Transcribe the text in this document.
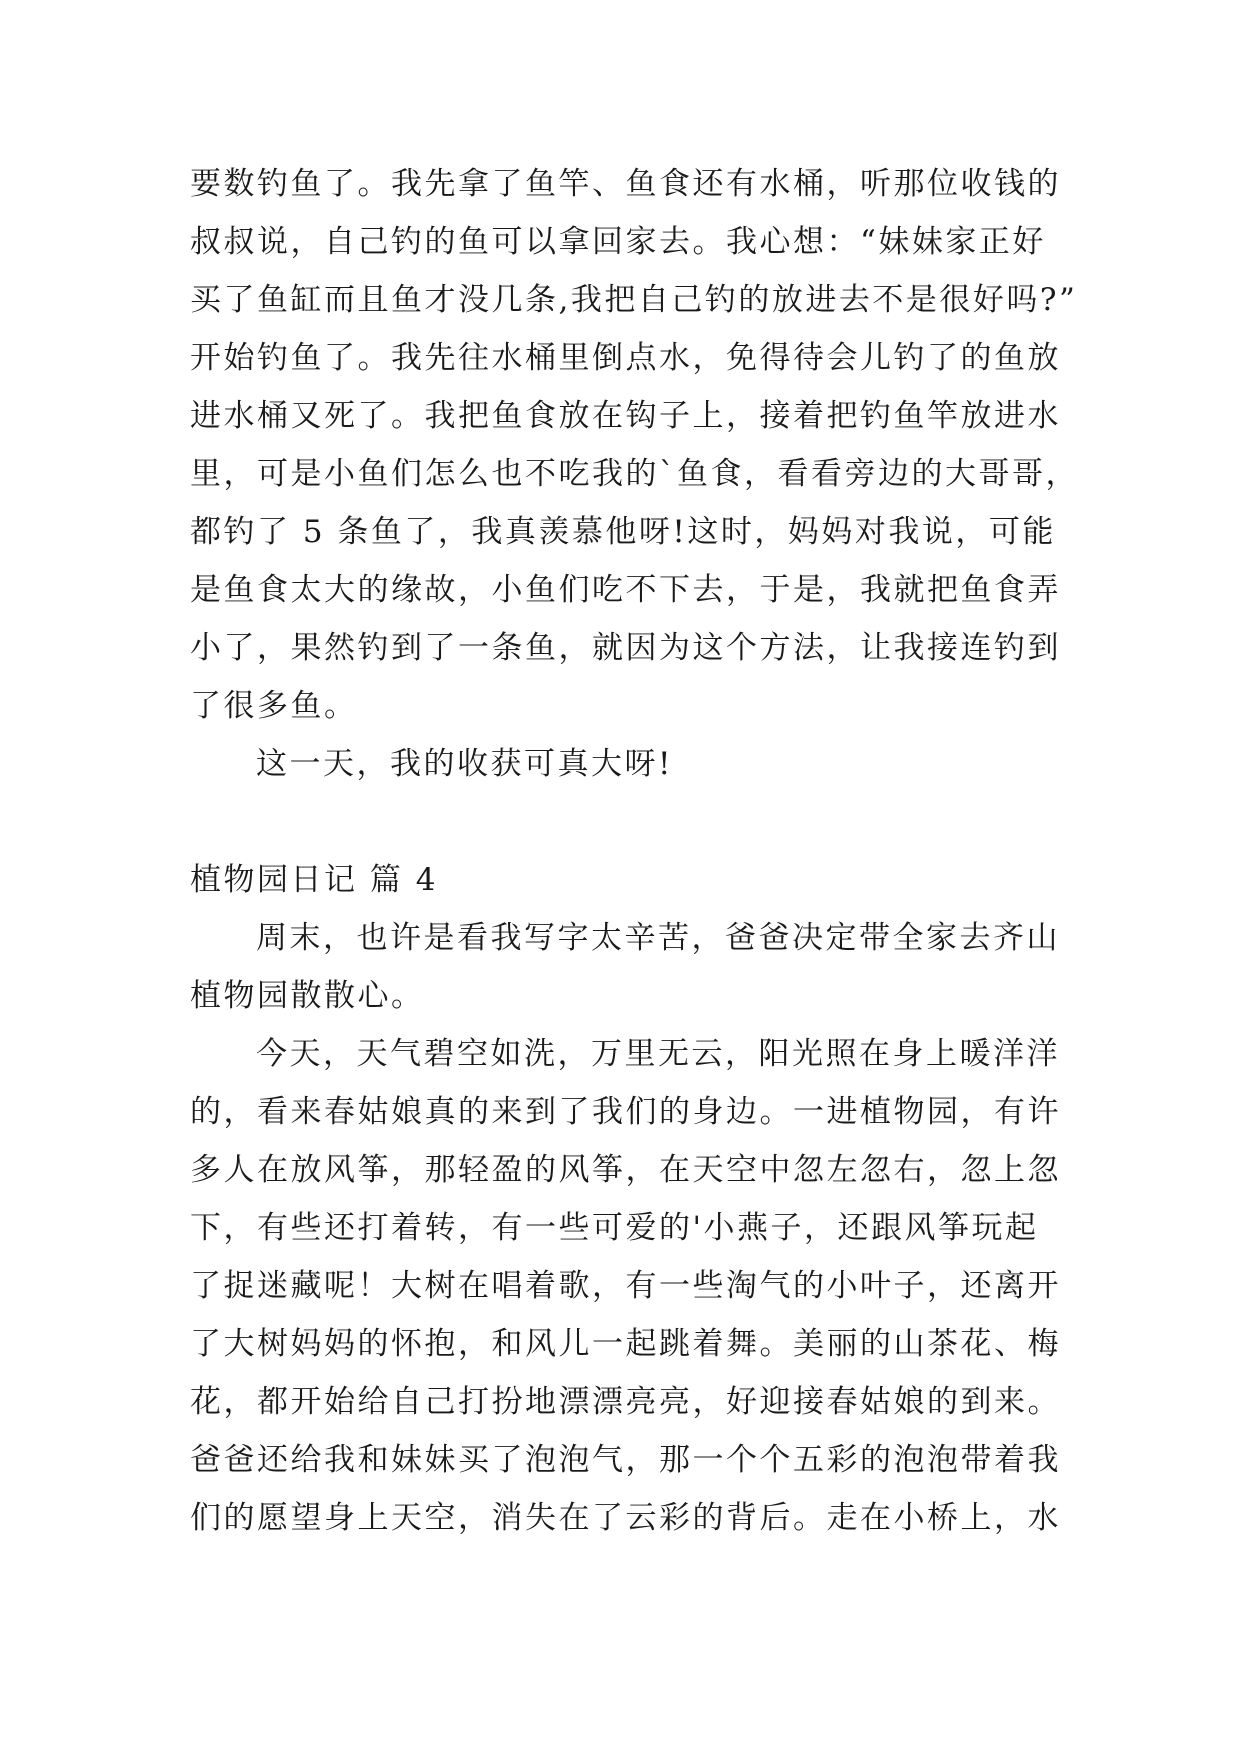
要数钓鱼了。我先拿了鱼竿、鱼食还有水桶，听那位收钱的
叔叔说，自己钓的鱼可以拿回家去。我心想：“妹妹家正好
买了鱼缸而且鱼才没几条,我把自己钓的放进去不是很好吗?”
开始钓鱼了。我先往水桶里倒点水，免得待会儿钓了的鱼放
进水桶又死了。我把鱼食放在钩子上，接着把钓鱼竿放进水
里，可是小鱼们怎么也不吃我的`鱼食，看看旁边的大哥哥，
都钓了 5 条鱼了，我真羡慕他呀!这时，妈妈对我说，可能
是鱼食太大的缘故，小鱼们吃不下去，于是，我就把鱼食弄
小了，果然钓到了一条鱼，就因为这个方法，让我接连钓到
了很多鱼。
这一天，我的收获可真大呀!
植物园日记 篇 4
周末，也许是看我写字太辛苦，爸爸决定带全家去齐山
植物园散散心。
今天，天气碧空如洗，万里无云，阳光照在身上暖洋洋
的，看来春姑娘真的来到了我们的身边。一进植物园，有许
多人在放风筝，那轻盈的风筝，在天空中忽左忽右，忽上忽
下，有些还打着转，有一些可爱的'小燕子，还跟风筝玩起
了捉迷藏呢！大树在唱着歌，有一些淘气的小叶子，还离开
了大树妈妈的怀抱，和风儿一起跳着舞。美丽的山茶花、梅
花，都开始给自己打扮地漂漂亮亮，好迎接春姑娘的到来。
爸爸还给我和妹妹买了泡泡气，那一个个五彩的泡泡带着我
们的愿望身上天空，消失在了云彩的背后。走在小桥上，水
